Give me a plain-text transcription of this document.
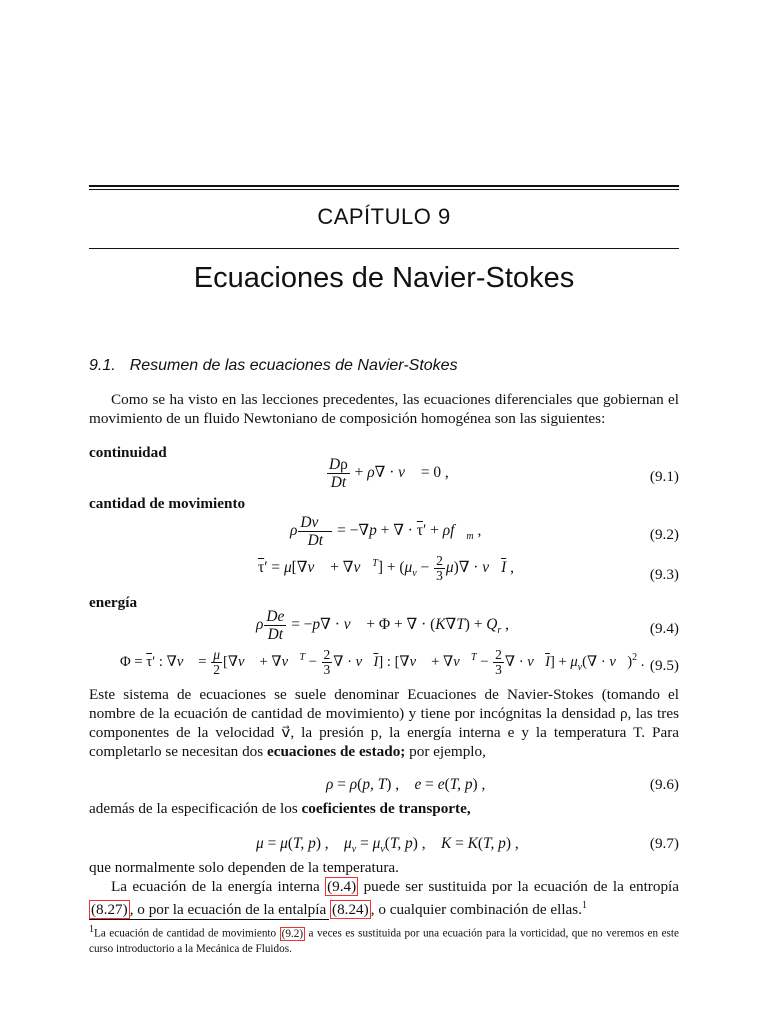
CAPÍTULO 9
Ecuaciones de Navier-Stokes
9.1. Resumen de las ecuaciones de Navier-Stokes
Como se ha visto en las lecciones precedentes, las ecuaciones diferenciales que gobiernan el movimiento de un fluido Newtoniano de composición homogénea son las siguientes:
continuidad
$\frac{D\rho}{Dt} + \rho\nabla$ · v⃗ = 0 ,	(9.1)
cantidad de movimiento
ρ $\frac{Dv⃗}{Dt} = -\nabla p$ + ∇ · $\overline{\tau}'$ + $\rho f⃗_m$ ,	(9.2)
$\overline{\tau}'$ = μ[∇v⃗ + ∇v⃗$^T$] + $(\mu_v - \frac{2}{3} \mu)\nabla$ · $v⃗\overline{I}$ ,	(9.3)
energía
ρ $\frac{De}{Dt} = -p\nabla$ · v⃗ + Φ + ∇ · $(K\nabla T) + Q_r$ ,	(9.4)
$\Phi = \overline{\tau}'$ : ∇v⃗ = $\frac{\mu}{2}$ [∇v⃗ + ∇v⃗$^T$ − $\frac{2}{3}$ ∇ · $v⃗\overline{I}$] : [∇v⃗ + ∇v⃗$^T$ − $\frac{2}{3}$ ∇ · $v⃗\overline{I}] + \mu_v(\nabla$ · v⃗)$^2$ . (9.5)
Este sistema de ecuaciones se suele denominar Ecuaciones de Navier-Stokes (tomando el nombre de la ecuación de cantidad de movimiento) y tiene por incógnitas la densidad ρ, las tres componentes de la velocidad v⃗, la presión p, la energía interna e y la temperatura T. Para completarlo se necesitan dos ecuaciones de estado; por ejemplo,
ρ = ρ(p, T) ,    e = e(T, p) ,	(9.6)
además de la especificación de los coeficientes de transporte,
μ = μ(T, p) ,    $\mu_v = \mu_v(T$, p) ,    K = K(T, p) ,	(9.7)
que normalmente solo dependen de la temperatura.
La ecuación de la energía interna (9.4) puede ser sustituida por la ecuación de la entropía (8.27) , o por la ecuación de la entalpía (8.24) , o cualquier combinación de ellas.$^1$
$^1$La ecuación de cantidad de movimiento (9.2) a veces es sustituida por una ecuación para la vorticidad, que no veremos en este curso introductorio a la Mecánica de Fluidos.
